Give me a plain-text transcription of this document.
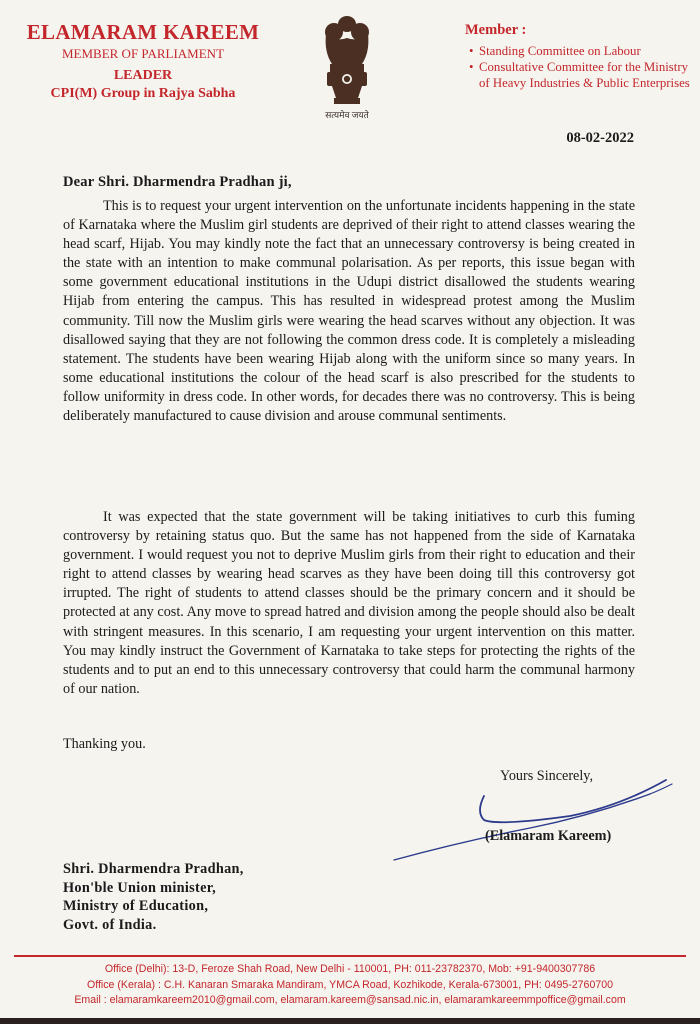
ELAMARAM KAREEM
MEMBER OF PARLIAMENT
LEADER
CPI(M) Group in Rajya Sabha
सत्यमेव जयते
Member :
• Standing Committee on Labour
• Consultative Committee for the Ministry of Heavy Industries & Public Enterprises
08-02-2022
Dear Shri. Dharmendra Pradhan ji,

This is to request your urgent intervention on the unfortunate incidents happening in the state of Karnataka where the Muslim girl students are deprived of their right to attend classes wearing the head scarf, Hijab. You may kindly note the fact that an unnecessary controversy is being created in the state with an intention to make communal polarisation. As per reports, this issue began with some government educational institutions in the Udupi district disallowed the students wearing Hijab from entering the campus. This has resulted in widespread protest among the Muslim community. Till now the Muslim girls were wearing the head scarves without any objection. It was disallowed saying that they are not following the common dress code. It is completely a misleading statement. The students have been wearing Hijab along with the uniform since so many years. In some educational institutions the colour of the head scarf is also prescribed for the students to follow uniformity in dress code. In other words, for decades there was no controversy. This is being deliberately manufactured to cause division and arouse communal sentiments.

It was expected that the state government will be taking initiatives to curb this fuming controversy by retaining status quo. But the same has not happened from the side of Karnataka government. I would request you not to deprive Muslim girls from their right to education and their right to attend classes by wearing head scarves as they have been doing till this controversy got irrupted. The right of students to attend classes should be the primary concern and it should be protected at any cost. Any move to spread hatred and division among the people should also be dealt with stringent measures. In this scenario, I am requesting your urgent intervention on this matter. You may kindly instruct the Government of Karnataka to take steps for protecting the rights of the students and to put an end to this unnecessary controversy that could harm the communal harmony of our nation.

Thanking you.
Yours Sincerely,
(Elamaram Kareem)
Shri. Dharmendra Pradhan,
Hon'ble Union minister,
Ministry of Education,
Govt. of India.
Office (Delhi): 13-D, Feroze Shah Road, New Delhi - 110001, PH: 011-23782370, Mob: +91-9400307786
Office (Kerala) : C.H. Kanaran Smaraka Mandiram, YMCA Road, Kozhikode, Kerala-673001, PH: 0495-2760700
Email : elamaramkareem2010@gmail.com, elamaram.kareem@sansad.nic.in, elamaramkareemmpoffice@gmail.com
